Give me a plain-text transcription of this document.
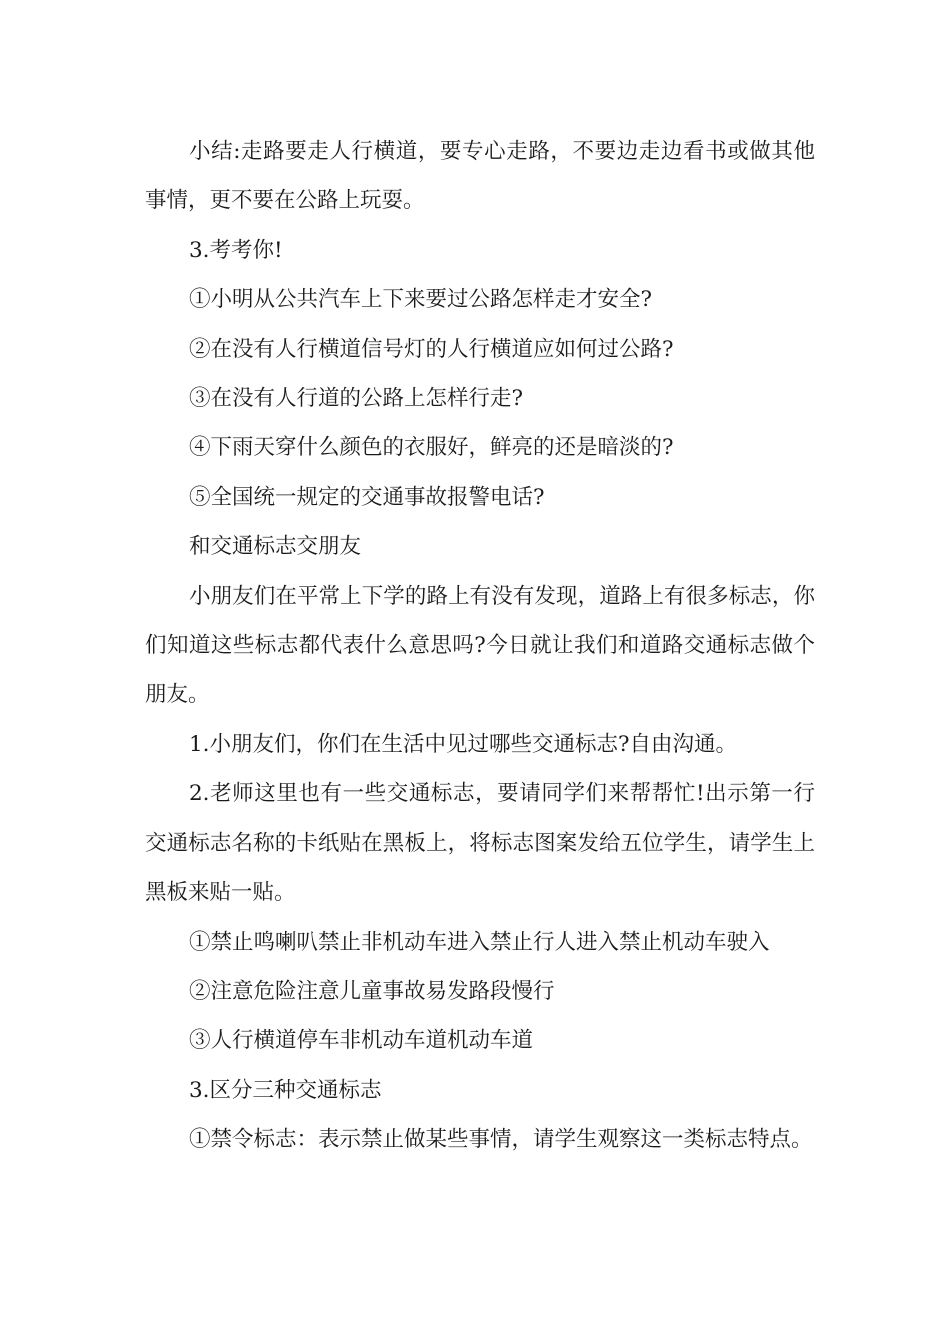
小结:走路要走人行横道，要专心走路，不要边走边看书或做其他事情，更不要在公路上玩耍。

3.考考你!

①小明从公共汽车上下来要过公路怎样走才安全?

②在没有人行横道信号灯的人行横道应如何过公路?

③在没有人行道的公路上怎样行走?

④下雨天穿什么颜色的衣服好，鲜亮的还是暗淡的?

⑤全国统一规定的交通事故报警电话?

和交通标志交朋友

小朋友们在平常上下学的路上有没有发现，道路上有很多标志，你们知道这些标志都代表什么意思吗?今日就让我们和道路交通标志做个朋友。

1.小朋友们，你们在生活中见过哪些交通标志?自由沟通。

2.老师这里也有一些交通标志，要请同学们来帮帮忙!出示第一行交通标志名称的卡纸贴在黑板上，将标志图案发给五位学生，请学生上黑板来贴一贴。

①禁止鸣喇叭禁止非机动车进入禁止行人进入禁止机动车驶入

②注意危险注意儿童事故易发路段慢行

③人行横道停车非机动车道机动车道

3.区分三种交通标志

①禁令标志：表示禁止做某些事情，请学生观察这一类标志特点。
